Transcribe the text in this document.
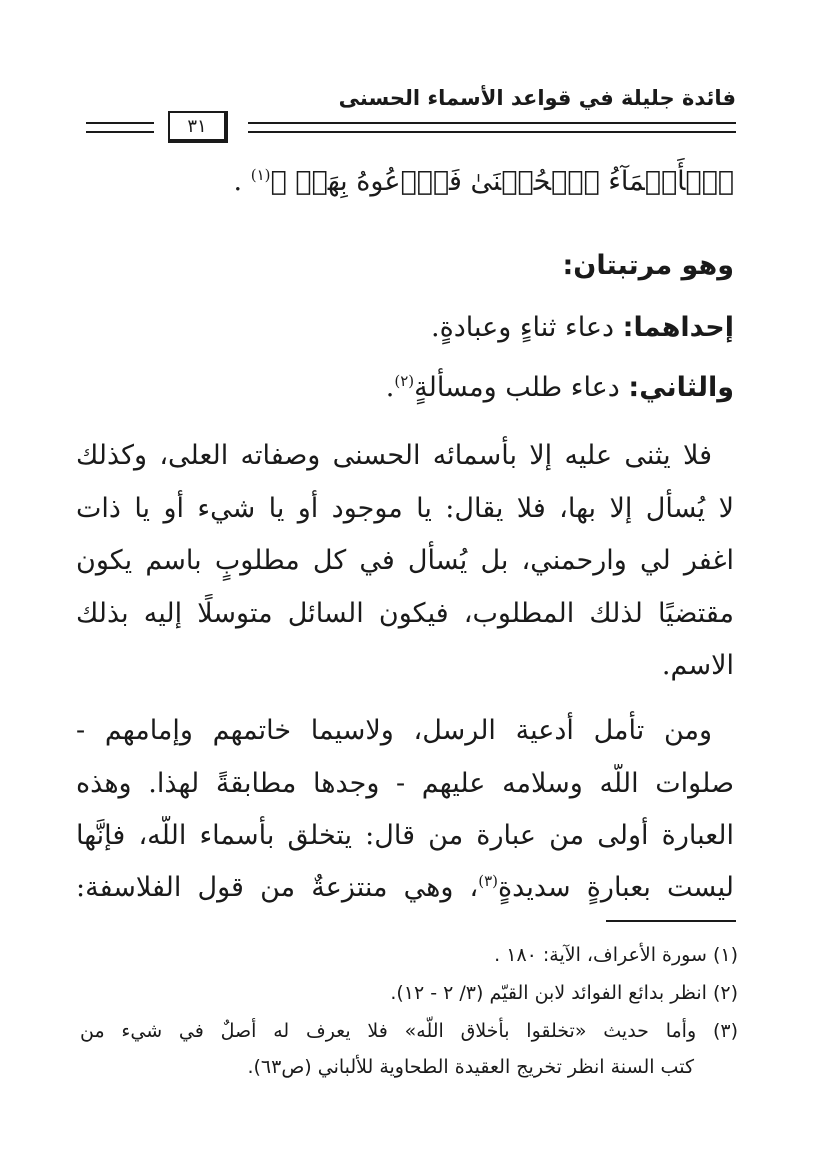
فائدة جليلة في قواعد الأسماء الحسنى
٣١
ٱلۡأَسۡمَآءُ ٱلۡحُسۡنَىٰ فَٱدۡعُوهُ بِهَاۖ ﴾$^{(١)}$ .
وهو مرتبتان:
إحداهما: دعاء ثناءٍ وعبادةٍ.
والثاني: دعاء طلب ومسألةٍ$^{(٢)}$.
فلا يثنى عليه إلا بأسمائه الحسنى وصفاته العلى، وكذلك
لا يُسأل إلا بها، فلا يقال: يا موجود أو يا شيء أو يا ذات
اغفر لي وارحمني، بل يُسأل في كل مطلوبٍ باسم يكون
مقتضيًا لذلك المطلوب، فيكون السائل متوسلًا إليه بذلك
الاسم.
ومن تأمل أدعية الرسل، ولاسيما خاتمهم وإمامهم -
صلوات اللَّه وسلامه عليهم - وجدها مطابقةً لهذا. وهذه
العبارة أولى من عبارة من قال: يتخلق بأسماء اللَّه، فإنَّها
ليست بعبارةٍ سديدةٍ$^{(٣)}$، وهي منتزعةٌ من قول الفلاسفة:
(١) سورة الأعراف، الآية: ١٨٠ .
(٢) انظر بدائع الفوائد لابن القيّم (٣/ ٢ - ١٢).
(٣) وأما حديث «تخلقوا بأخلاق اللَّه» فلا يعرف له أصلٌ في شيء من
كتب السنة انظر تخريج العقيدة الطحاوية للألباني (ص٦٣).
